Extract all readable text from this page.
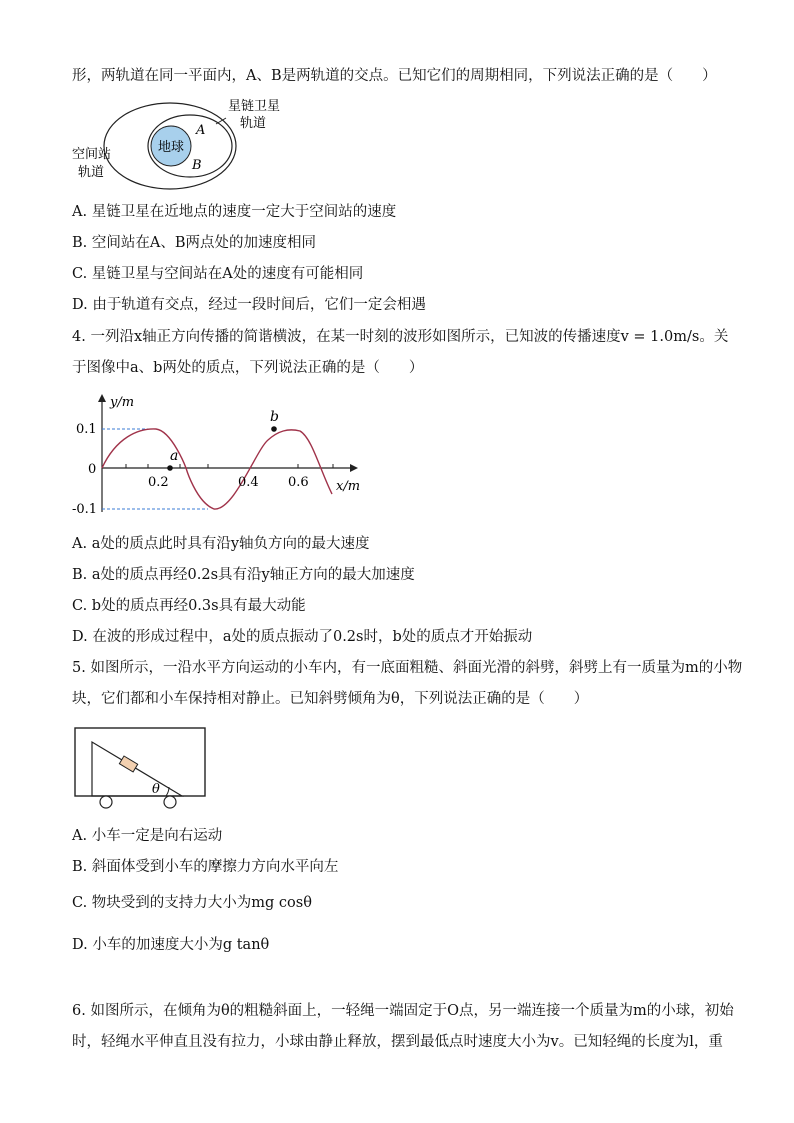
形，两轨道在同一平面内，A、B是两轨道的交点。已知它们的周期相同，下列说法正确的是（　　）
地球
A
B
星链卫星
轨道
空间站
轨道
A. 星链卫星在近地点的速度一定大于空间站的速度
B. 空间站在A、B两点处的加速度相同
C. 星链卫星与空间站在A处的速度有可能相同
D. 由于轨道有交点，经过一段时间后，它们一定会相遇
4. 一列沿x轴正方向传播的简谐横波，在某一时刻的波形如图所示，已知波的传播速度v = 1.0m/s。关
于图像中a、b两处的质点，下列说法正确的是（　　）
y/m
x/m
0
0.1
-0.1
0.2	0.4 0.6
a
b
A. a处的质点此时具有沿y轴负方向的最大速度
B. a处的质点再经0.2s具有沿y轴正方向的最大加速度
C. b处的质点再经0.3s具有最大动能
D. 在波的形成过程中，a处的质点振动了0.2s时，b处的质点才开始振动
5. 如图所示，一沿水平方向运动的小车内，有一底面粗糙、斜面光滑的斜劈，斜劈上有一质量为m的小物
块，它们都和小车保持相对静止。已知斜劈倾角为θ，下列说法正确的是（　　）
θ
A. 小车一定是向右运动
B. 斜面体受到小车的摩擦力方向水平向左
C. 物块受到的支持力大小为mg cosθ
D. 小车的加速度大小为g tanθ
6. 如图所示，在倾角为θ的粗糙斜面上，一轻绳一端固定于O点，另一端连接一个质量为m的小球，初始
时，轻绳水平伸直且没有拉力，小球由静止释放，摆到最低点时速度大小为v。已知轻绳的长度为l，重
